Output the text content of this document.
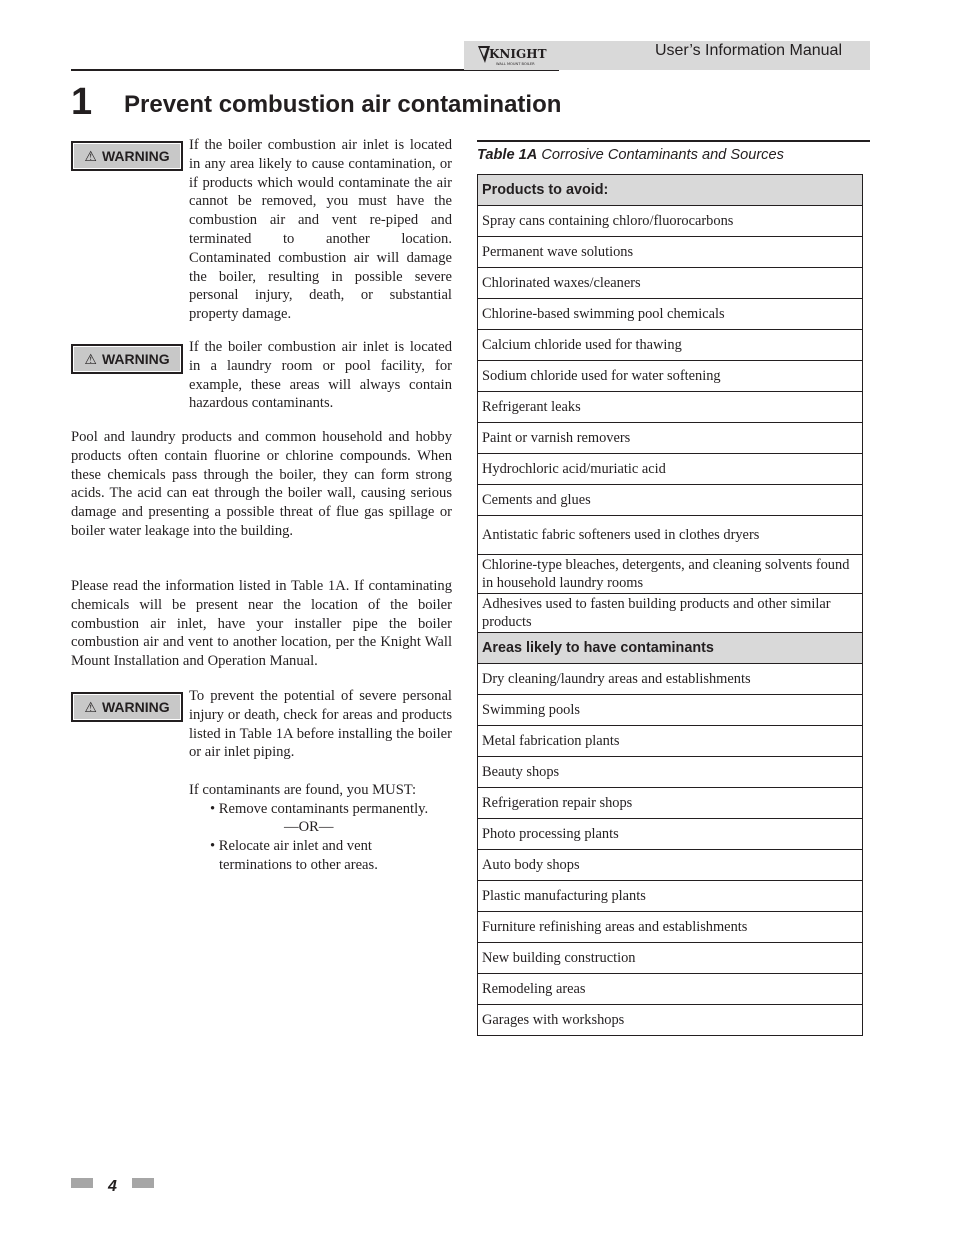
KNIGHT
WALL MOUNT BOILER
User’s Information Manual
1 Prevent combustion air contamination
⚠ WARNING

If the boiler combustion air inlet is located in any area likely to cause contamination, or if products which would contaminate the air cannot be removed, you must have the combustion air and vent re-piped and terminated to another location. Contaminated combustion air will damage the boiler, resulting in possible severe personal injury, death, or substantial property damage.

⚠ WARNING

If the boiler combustion air inlet is located in a laundry room or pool facility, for example, these areas will always contain hazardous contaminants.

Pool and laundry products and common household and hobby products often contain fluorine or chlorine compounds. When these chemicals pass through the boiler, they can form strong acids. The acid can eat through the boiler wall, causing serious damage and presenting a possible threat of flue gas spillage or boiler water leakage into the building.

Please read the information listed in Table 1A. If contaminating chemicals will be present near the location of the boiler combustion air inlet, have your installer pipe the boiler combustion air and vent to another location, per the Knight Wall Mount Installation and Operation Manual.

⚠ WARNING

To prevent the potential of severe personal injury or death, check for areas and products listed in Table 1A before installing the boiler or air inlet piping.

If contaminants are found, you MUST:
• Remove contaminants permanently.
—OR—
• Relocate air inlet and vent
terminations to other areas.
Table 1A Corrosive Contaminants and Sources
Products to avoid:
Spray cans containing chloro/fluorocarbons
Permanent wave solutions
Chlorinated waxes/cleaners
Chlorine-based swimming pool chemicals
Calcium chloride used for thawing
Sodium chloride used for water softening
Refrigerant leaks
Paint or varnish removers
Hydrochloric acid/muriatic acid
Cements and glues
Antistatic fabric softeners used in clothes dryers
Chlorine-type bleaches, detergents, and cleaning solvents found in household laundry rooms
Adhesives used to fasten building products and other similar products
Areas likely to have contaminants
Dry cleaning/laundry areas and establishments
Swimming pools
Metal fabrication plants
Beauty shops
Refrigeration repair shops
Photo processing plants
Auto body shops
Plastic manufacturing plants
Furniture refinishing areas and establishments
New building construction
Remodeling areas
Garages with workshops
4
